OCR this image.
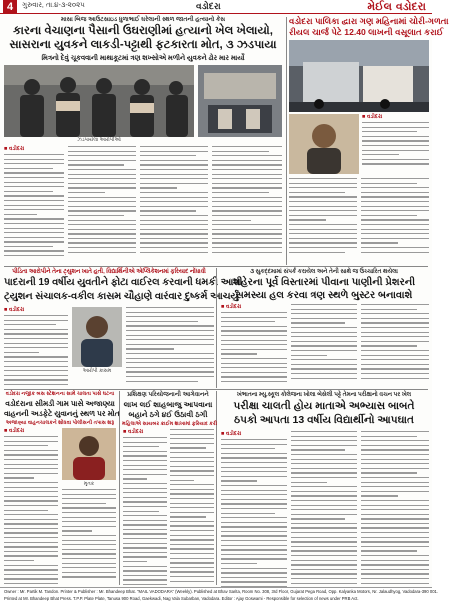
4	ગુરુવાર, તા.૪-૩-૨૦૨૫	વડોદરા	મેઈલ વડોદરા
માસા બિજ આઉટસાઇડ ધુળાભાઈ ઘરેલાની સ્થળ જાતની હત્યાનો કેસ
કારના વેચાણના પૈસાની ઉઘરાણીમાં હત્યાનો ખેલ ખેલાયો,
સાસરાના યુવકને લાકડી-પટ્ટાથી ફટકારતા મોત, ૩ ઝડપાયા
મિત્રનો દેવું ચૂકવવાની માથાકૂટમાં ત્રણ શખ્સોએ મળીને યુવકને ઢોર માર માર્યો
ઝડપાયેલા આરોપીઓ
■ વડોદરા
વડોદરા પાલિકા દ્વારા ગણ મહિનામાં ચોરી-ગળતા
રીયલ ચાર્જ પેટે 12.40 લાખની વસૂલાત કરાઈ
■ વડોદરા
૩ સુકદ્દમામાં સંપર્ક કરાયેલ અને તેની સાથે જ ઉચ્ચારિત થયેલા
શહેરના પૂર્વ વિસ્તારમાં પીવાના પાણીની પ્રેશરની
સમસ્યા હલ કરવા ત્રણ સ્થળે બુસ્ટર બનાવાશે
■ વડોદરા
પીડિતા આરોપીને તેના ટ્યુશન ખાતે હતી, વિદ્યાર્થિનીએ એપ્લિકેશનમાં ફરિયાદ નોંધાવી
પાદરાની 19 વર્ષીય યુવતીને ફોટા વાઈરલ કરવાની ધમકી આપી
ટ્યુશન સંચાલક-વકીલ કાસમ ચૌહાણે વારંવાર દુષ્કર્મ આચર્યું
■ વડોદરા
આરોપી કાસમ
ખંભાતના મ્યુ.સ્કૂલ કોલેજના ખોલા બેસેલી પટ્ટે તેમના પરીક્ષાનો વચન પર ખેલ
પરીક્ષા ચાલતી હોય માતાએ અભ્યાસ બાબતે
ઠપકો આપતા 13 વર્ષીય વિદ્યાર્થીનો આપઘાત
■ વડોદરા
વડોદરા નજીક બસ સ્ટેશનના સામે ચાલતા પાસે ઘટના
વડોદરાના સીમડી ગામ પાસે અજાણ્યા
વાહનની અડફેટે યુવાનનું સ્થળ પર મોત
અજાણ્યા વાહનચાલકને શોધવા પોલીસની તપાસ શરૂ
■ વડોદરા
મૃતક
પ્રશિક્ષણ પરિયોજનાની આગેવાનને
લાખ લઈ શાહબાજુ આપવાના
બહાને ઠગે ૪ઈ ઉઠાવી ઠગી
મહિલાએ સાયબર ક્રાઈમ શાખામાં ફરિયાદ કરી
■ વડોદરા
Owner : Mr. Partik M. Tandon. Printer & Publisher : Mr. Bhandeep Bhat. "MAIL VADODARA" (Weekly). Published at Bhav Sarita, Room No. 308, 3rd Floor, Gujarat Pega Road, Opp. Kalyanka Motors, Nr. Jalaudhyog, Vadodara-390 001.
Printed at Mr. Bhandeep Bhat Press. T.P.P. Plate Plate, Tanusa 900 Road, Gaekwadi, Nag Vala Subarban, Vadodara. Editor : Ajay Goswami - Responsible for selection of news under PRB Act.
